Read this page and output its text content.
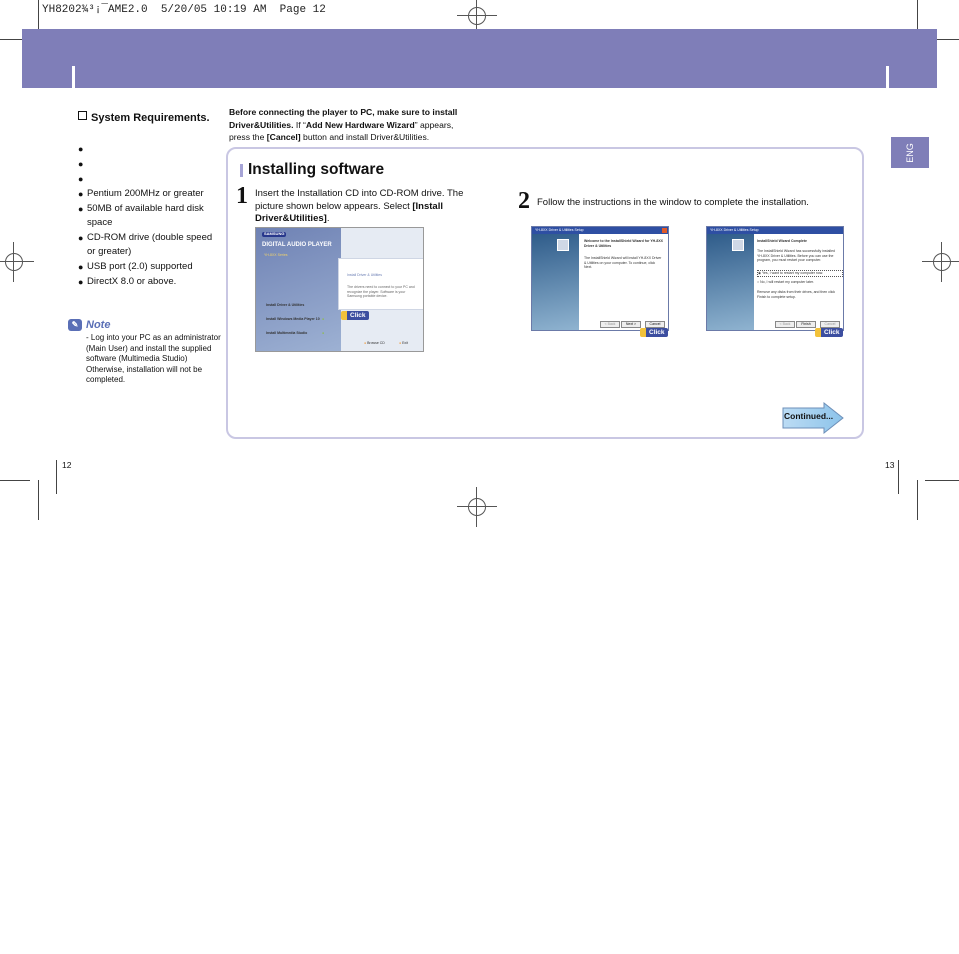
YH8202¾³¡¯AME2.0  5/20/05 10:19 AM  Page 12
System Requirements.
●
●
●
● Pentium 200MHz or greater
● 50MB of available hard disk space
● CD-ROM drive (double speed or greater)
● USB port (2.0) supported
● DirectX 8.0 or above.
✎ Note
- Log into your PC as an administrator (Main User) and install the supplied software (Multimedia Studio) Otherwise, installation will not be completed.
Before connecting the player to PC, make sure to install Driver&Utilities. If “Add New Hardware Wizard” appears, press the [Cancel] button and install Driver&Utilities.
Installing software
1 Insert the Installation CD into CD-ROM drive. The picture shown below appears. Select [Install Driver&Utilities].
2 Follow the instructions in the window to complete the installation.
SAMSUNG
DIGITAL AUDIO PLAYER
YH-8XX Series
Install Driver & Utilities
The drivers need to connect to your PC and recognize the player. Software is your Samsung portable device.
Install Driver & Utilities
Install Windows Media Player 10
Install Multimedia Studio
●
●
● Browse CD	● Exit
Click
YH-8XX Driver & Utilities Setup
Welcome to the InstallShield Wizard for YH-8XX Driver & Utilities
The InstallShield Wizard will install YH-8XX Driver & Utilities on your computer. To continue, click Next.
< Back	Next >	Cancel
Click
YH-8XX Driver & Utilities Setup
InstallShield Wizard Complete
The InstallShield Wizard has successfully installed YH-8XX Driver & Utilities. Before you can use the program, you must restart your computer.
◉ Yes, I want to restart my computer now.
○ No, I will restart my computer later.
Remove any disks from their drives, and then click Finish to complete setup.
< Back	Finish	Cancel
Click
Continued...
ENG
12	13
